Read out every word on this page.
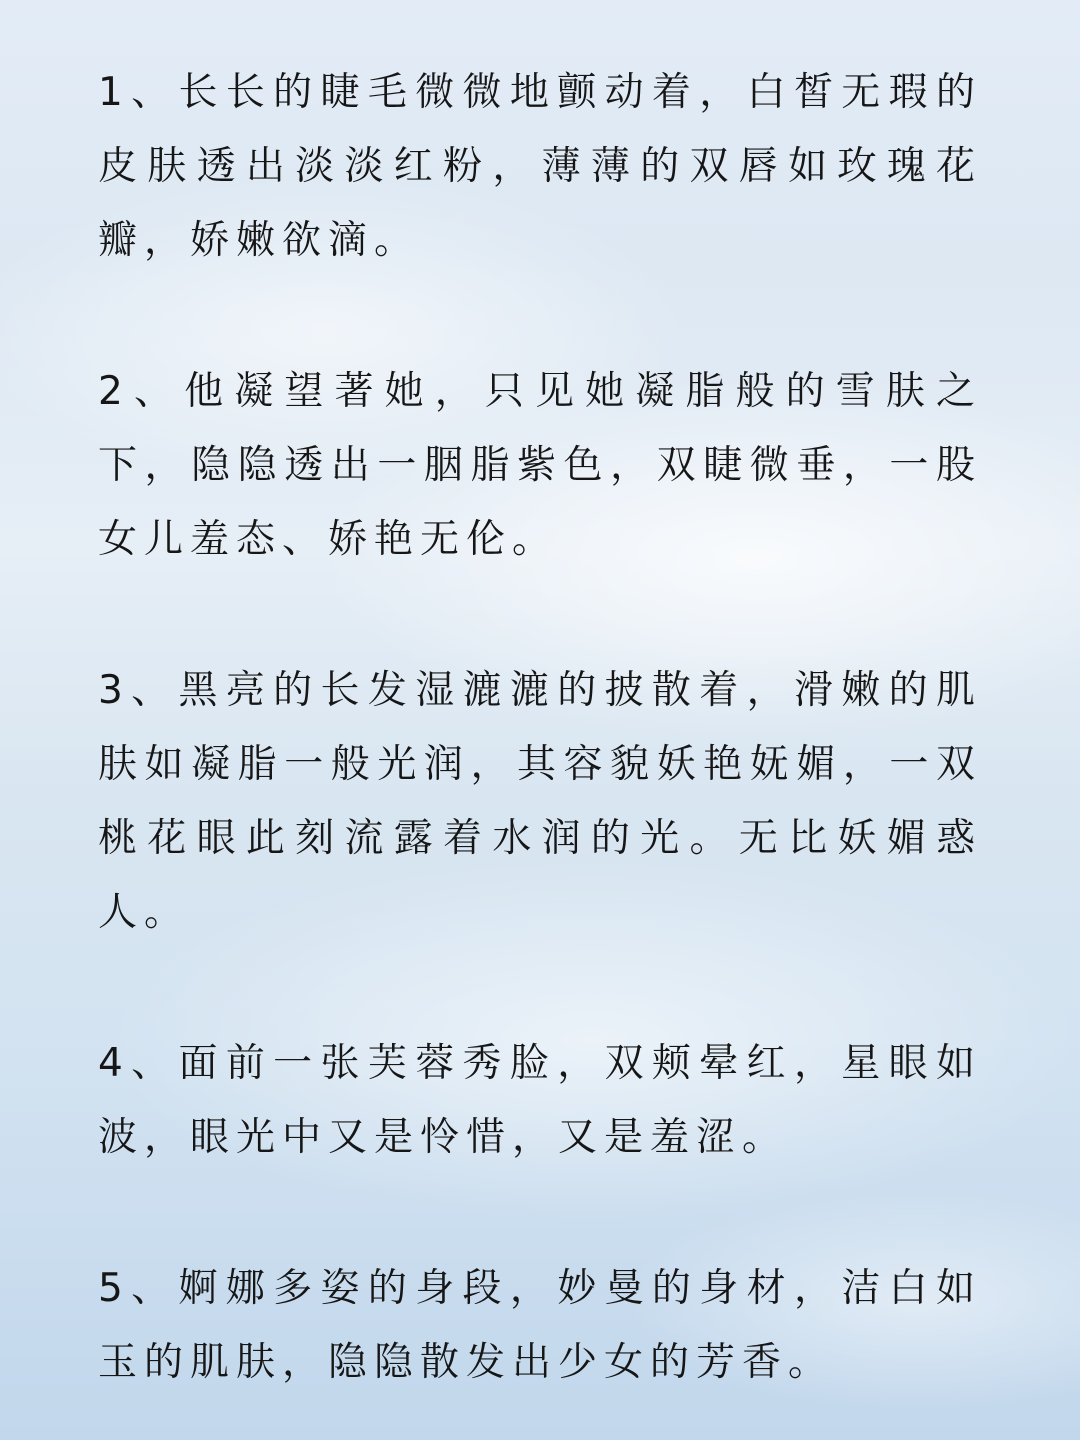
1、长长的睫毛微微地颤动着，白皙无瑕的皮肤透出淡淡红粉，薄薄的双唇如玫瑰花瓣，娇嫩欲滴。

2、他凝望著她，只见她凝脂般的雪肤之下，隐隐透出一胭脂紫色，双睫微垂，一股女儿羞态、娇艳无伦。

3、黑亮的长发湿漉漉的披散着，滑嫩的肌肤如凝脂一般光润，其容貌妖艳妩媚，一双桃花眼此刻流露着水润的光。无比妖媚惑人。

4、面前一张芙蓉秀脸，双颊晕红，星眼如波，眼光中又是怜惜，又是羞涩。

5、婀娜多姿的身段，妙曼的身材，洁白如玉的肌肤，隐隐散发出少女的芳香。
